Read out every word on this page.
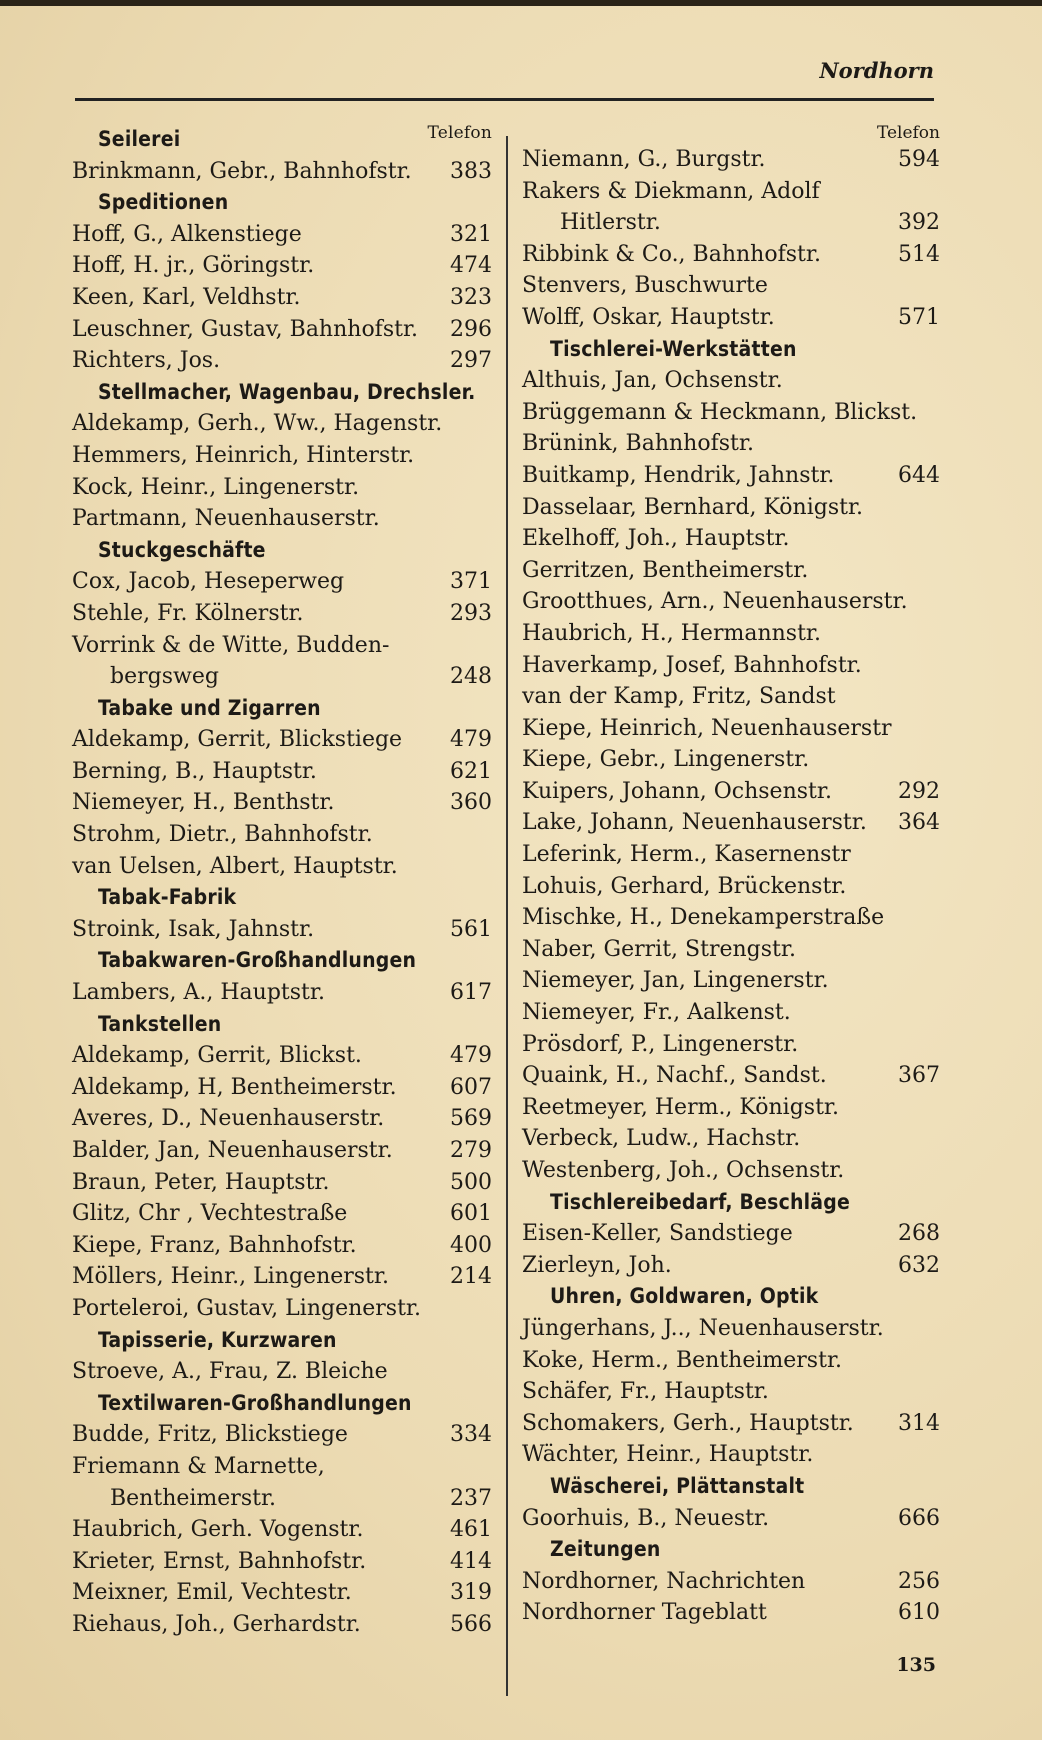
Nordhorn
Seilerei	Telefon
Brinkmann, Gebr., Bahnhofstr. 383
Speditionen
Hoff, G., Alkenstiege	321
Hoff, H. jr., Göringstr.	474
Keen, Karl, Veldhstr.	323
Leuschner, Gustav, Bahnhofstr. 296
Richters, Jos.	297
Stellmacher, Wagenbau, Drechsler.
Aldekamp, Gerh., Ww., Hagenstr.
Hemmers, Heinrich, Hinterstr.
Kock, Heinr., Lingenerstr.
Partmann, Neuenhauserstr.
Stuckgeschäfte
Cox, Jacob, Heseperweg	371
Stehle, Fr. Kölnerstr.	293
Vorrink & de Witte, Budden-
bergsweg	248
Tabake und Zigarren
Aldekamp, Gerrit, Blickstiege 479
Berning, B., Hauptstr.	621
Niemeyer, H., Benthstr.	360
Strohm, Dietr., Bahnhofstr.
van Uelsen, Albert, Hauptstr.
Tabak-Fabrik
Stroink, Isak, Jahnstr.	561
Tabakwaren-Großhandlungen
Lambers, A., Hauptstr.	617
Tankstellen
Aldekamp, Gerrit, Blickst.	479
Aldekamp, H, Bentheimerstr. 607
Averes, D., Neuenhauserstr.	569
Balder, Jan, Neuenhauserstr.	279
Braun, Peter, Hauptstr.	500
Glitz, Chr , Vechtestraße	601
Kiepe, Franz, Bahnhofstr.	400
Möllers, Heinr., Lingenerstr.	214
Porteleroi, Gustav, Lingenerstr.
Tapisserie, Kurzwaren
Stroeve, A., Frau, Z. Bleiche
Textilwaren-Großhandlungen
Budde, Fritz, Blickstiege	334
Friemann & Marnette,
Bentheimerstr.	237
Haubrich, Gerh. Vogenstr.	461
Krieter, Ernst, Bahnhofstr.	414
Meixner, Emil, Vechtestr.	319
Riehaus, Joh., Gerhardstr.	566
Telefon
Niemann, G., Burgstr.	594
Rakers & Diekmann, Adolf
Hitlerstr.	392
Ribbink & Co., Bahnhofstr.	514
Stenvers, Buschwurte
Wolff, Oskar, Hauptstr.	571
Tischlerei-Werkstätten
Althuis, Jan, Ochsenstr.
Brüggemann & Heckmann, Blickst.
Brünink, Bahnhofstr.
Buitkamp, Hendrik, Jahnstr.	644
Dasselaar, Bernhard, Königstr.
Ekelhoff, Joh., Hauptstr.
Gerritzen, Bentheimerstr.
Grootthues, Arn., Neuenhauserstr.
Haubrich, H., Hermannstr.
Haverkamp, Josef, Bahnhofstr.
van der Kamp, Fritz, Sandst
Kiepe, Heinrich, Neuenhauserstr
Kiepe, Gebr., Lingenerstr.
Kuipers, Johann, Ochsenstr.	292
Lake, Johann, Neuenhauserstr. 364
Leferink, Herm., Kasernenstr
Lohuis, Gerhard, Brückenstr.
Mischke, H., Denekamperstraße
Naber, Gerrit, Strengstr.
Niemeyer, Jan, Lingenerstr.
Niemeyer, Fr., Aalkenst.
Prösdorf, P., Lingenerstr.
Quaink, H., Nachf., Sandst.	367
Reetmeyer, Herm., Königstr.
Verbeck, Ludw., Hachstr.
Westenberg, Joh., Ochsenstr.
Tischlereibedarf, Beschläge
Eisen-Keller, Sandstiege	268
Zierleyn, Joh.	632
Uhren, Goldwaren, Optik
Jüngerhans, J.., Neuenhauserstr.
Koke, Herm., Bentheimerstr.
Schäfer, Fr., Hauptstr.
Schomakers, Gerh., Hauptstr. 314
Wächter, Heinr., Hauptstr.
Wäscherei, Plättanstalt
Goorhuis, B., Neuestr.	666
Zeitungen
Nordhorner, Nachrichten	256
Nordhorner Tageblatt	610
135
